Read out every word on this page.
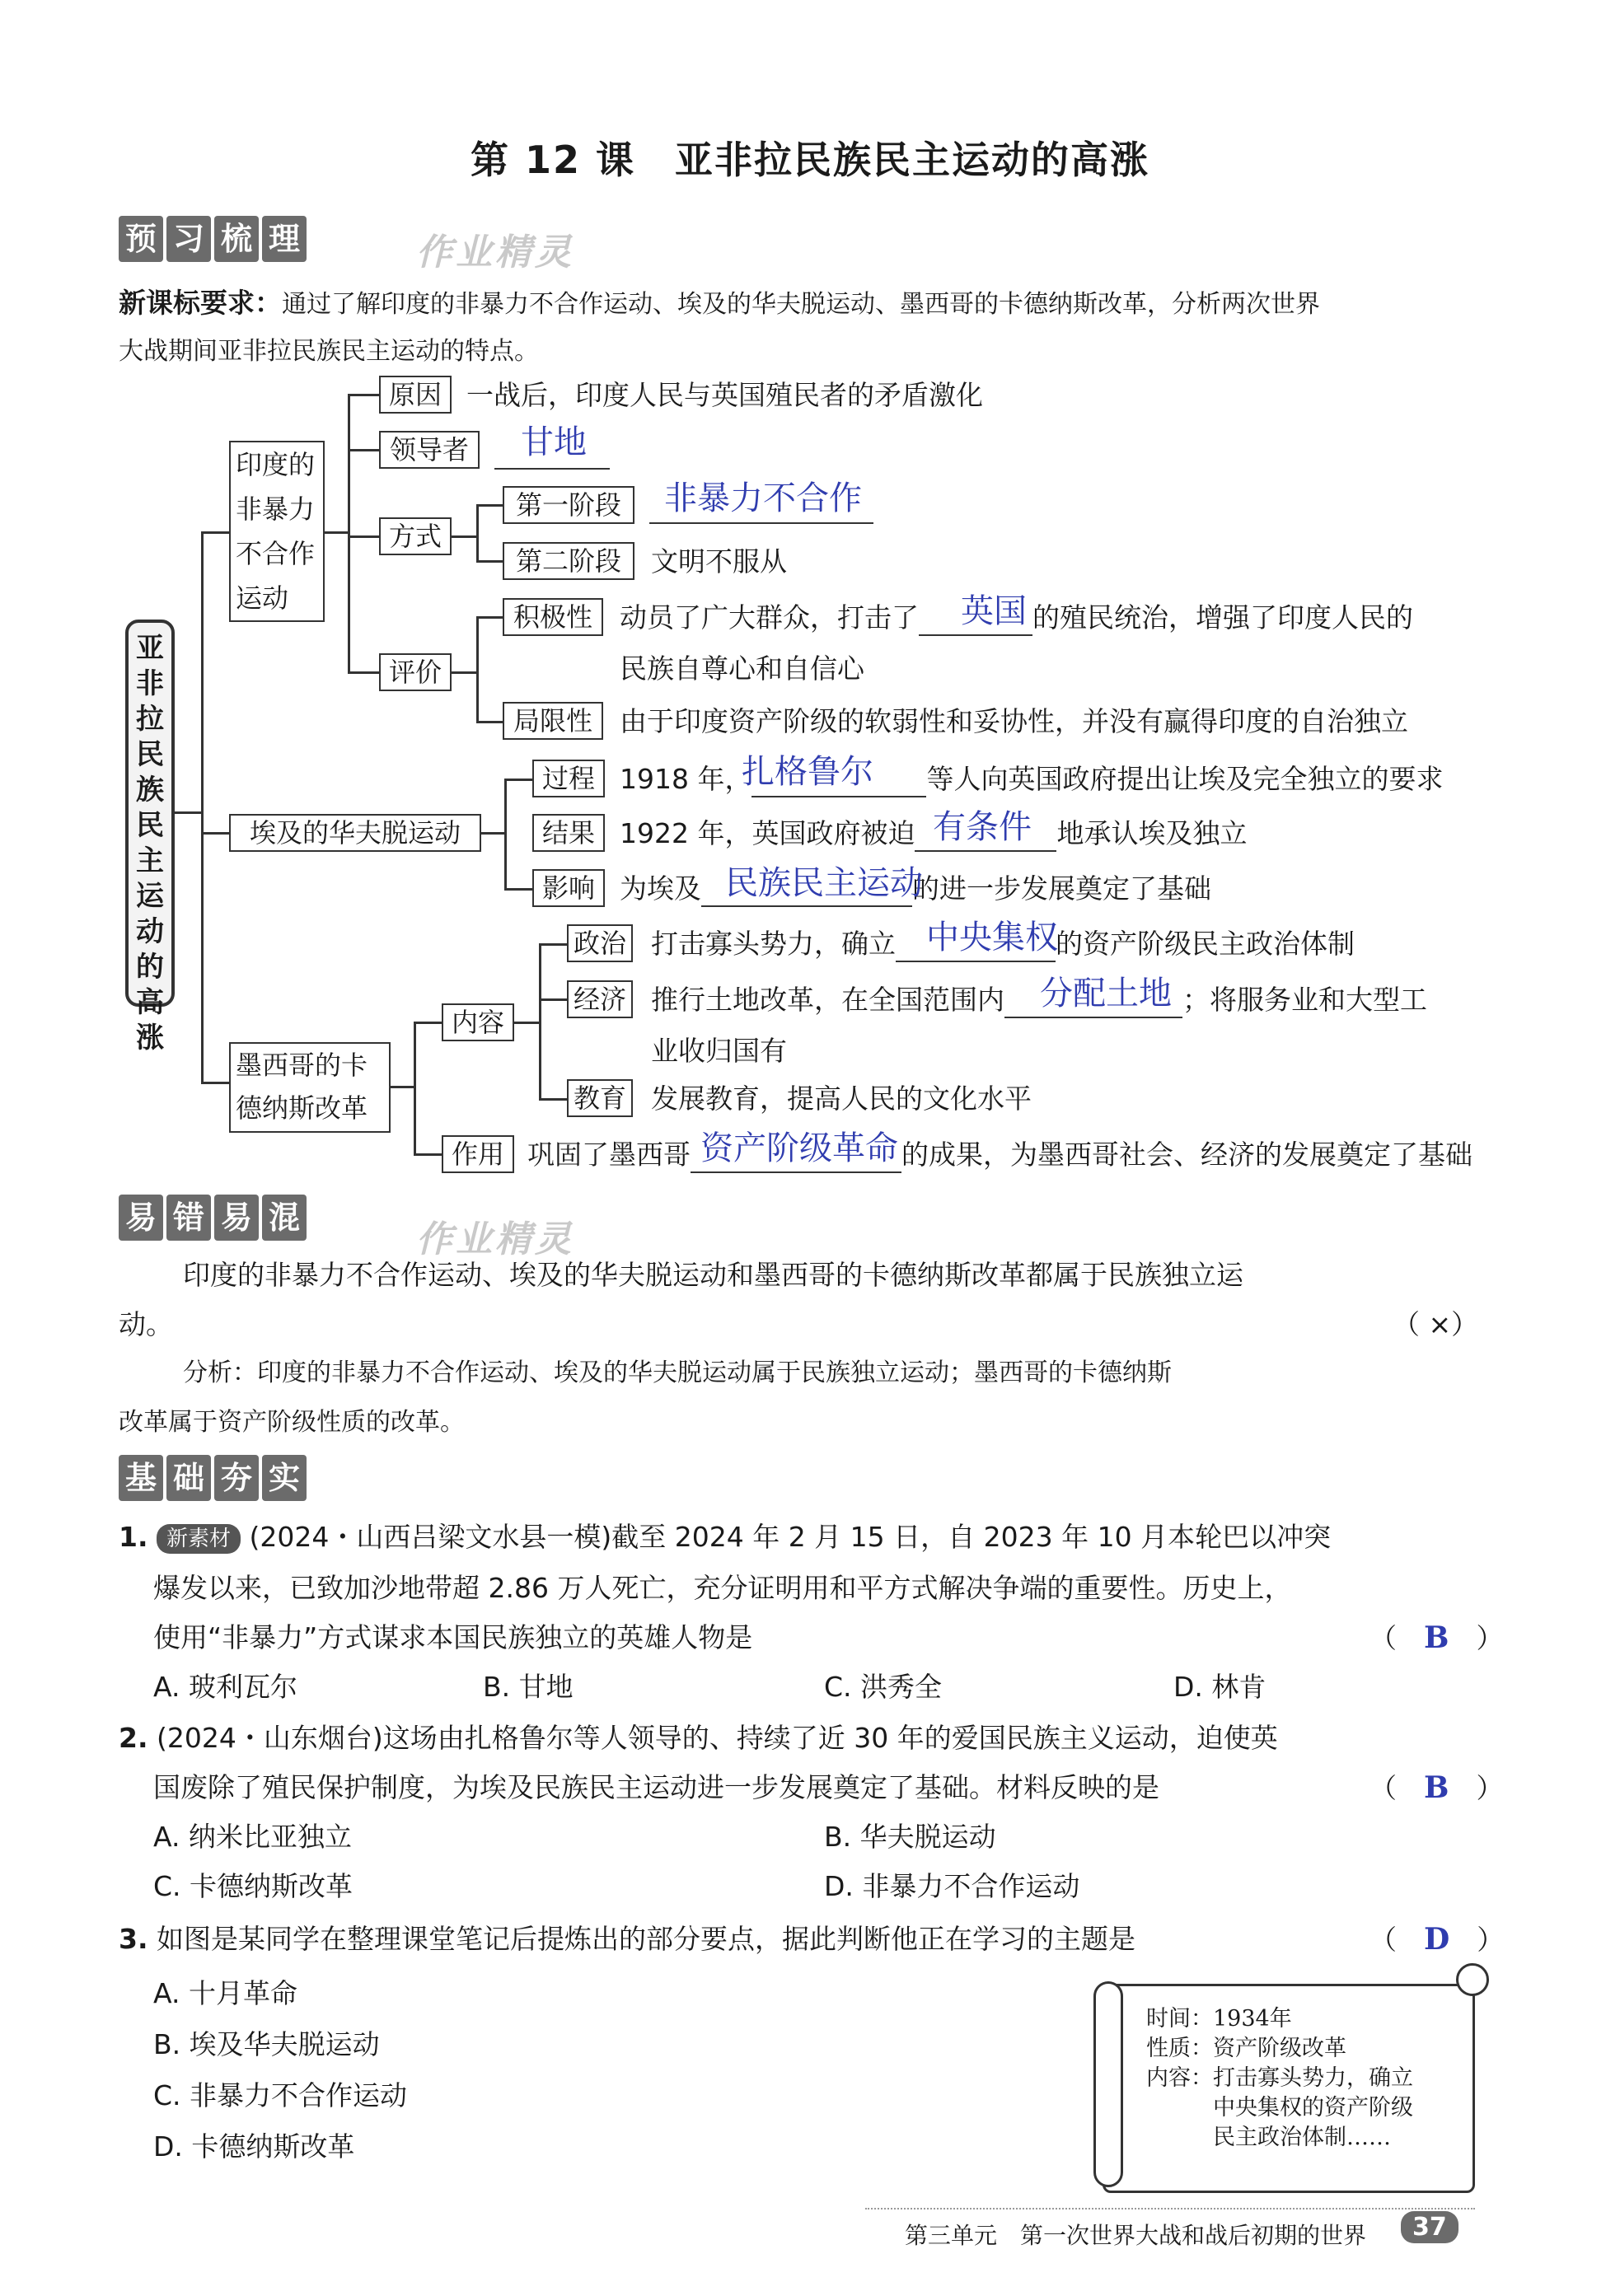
第 12 课　亚非拉民族民主运动的高涨
预 习 梳 理	作业精灵
新课标要求：通过了解印度的非暴力不合作运动、埃及的华夫脱运动、墨西哥的卡德纳斯改革，分析两次世界
大战期间亚非拉民族民主运动的特点。
亚非拉民族民主运动的高涨
印度的
非暴力
不合作
运动
原因 一战后，印度人民与英国殖民者的矛盾激化
领导者	甘地
方式
第一阶段	非暴力不合作
第二阶段	文明不服从
评价
积极性	动员了广大群众，打击了	的殖民统治，增强了印度人民的
英国
民族自尊心和自信心
局限性	由于印度资产阶级的软弱性和妥协性，并没有赢得印度的自治独立
埃及的华夫脱运动
过程 1918 年，	等人向英国政府提出让埃及完全独立的要求
扎格鲁尔
结果 1922 年，英国政府被迫	地承认埃及独立
有条件
影响 为埃及	的进一步发展奠定了基础
民族民主运动
墨西哥的卡
德纳斯改革
内容
政治 打击寡头势力，确立	的资产阶级民主政治体制
中央集权
经济 推行土地改革，在全国范围内	；将服务业和大型工
分配土地
业收归国有
教育 发展教育，提高人民的文化水平
作用 巩固了墨西哥	的成果，为墨西哥社会、经济的发展奠定了基础
资产阶级革命
易 错 易 混
作业精灵
印度的非暴力不合作运动、埃及的华夫脱运动和墨西哥的卡德纳斯改革都属于民族独立运
动。	（ ×）
分析：印度的非暴力不合作运动、埃及的华夫脱运动属于民族独立运动；墨西哥的卡德纳斯
改革属于资产阶级性质的改革。
基 础 夯 实
1. 新素材 (2024・山西吕梁文水县一模)截至 2024 年 2 月 15 日，自 2023 年 10 月本轮巴以冲突
爆发以来，已致加沙地带超 2.86 万人死亡，充分证明用和平方式解决争端的重要性。历史上，
使用“非暴力”方式谋求本国民族独立的英雄人物是	（　B　）
A. 玻利瓦尔	B. 甘地	C. 洪秀全	D. 林肯
2. (2024・山东烟台)这场由扎格鲁尔等人领导的、持续了近 30 年的爱国民族主义运动，迫使英
国废除了殖民保护制度，为埃及民族民主运动进一步发展奠定了基础。材料反映的是	（　B　）
A. 纳米比亚独立	B. 华夫脱运动
C. 卡德纳斯改革	D. 非暴力不合作运动
3. 如图是某同学在整理课堂笔记后提炼出的部分要点，据此判断他正在学习的主题是	（　D　）
A. 十月革命
B. 埃及华夫脱运动
C. 非暴力不合作运动
D. 卡德纳斯改革
时间：1934年
性质：资产阶级改革
内容：打击寡头势力，确立
中央集权的资产阶级
民主政治体制……
第三单元　第一次世界大战和战后初期的世界	37
